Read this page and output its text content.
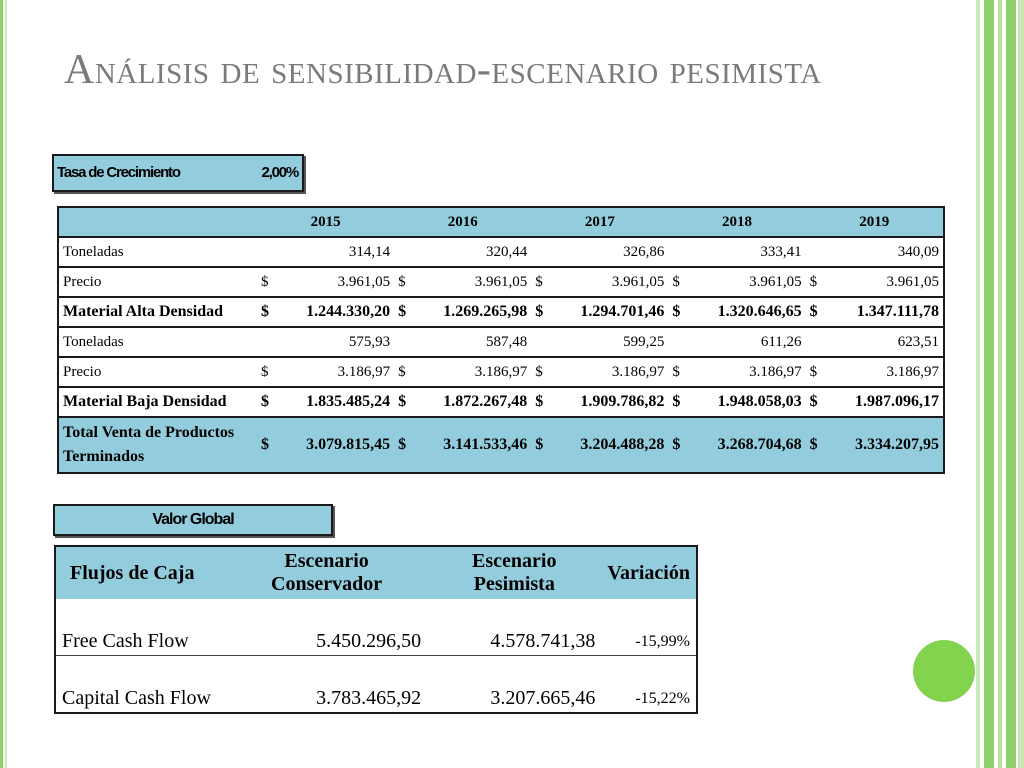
Análisis de sensibilidad-escenario pesimista
Tasa de Crecimiento	2,00%
	2015		2016		2017		2018		2019	
Toneladas		314,14		320,44		326,86		333,41		340,09
Precio	$	3.961,05	$	3.961,05	$	3.961,05	$	3.961,05	$	3.961,05
Material Alta Densidad	$	1.244.330,20	$	1.269.265,98	$	1.294.701,46	$	1.320.646,65	$	1.347.111,78
Toneladas		575,93		587,48		599,25		611,26		623,51
Precio	$	3.186,97	$	3.186,97	$	3.186,97	$	3.186,97	$	3.186,97
Material Baja Densidad	$	1.835.485,24	$	1.872.267,48	$	1.909.786,82	$	1.948.058,03	$	1.987.096,17
Total Venta de Productos Terminados	$	3.079.815,45	$	3.141.533,46	$	3.204.488,28	$	3.268.704,68	$	3.334.207,95
Valor Global
Flujos de Caja	Escenario Conservador	Escenario Pesimista	Variación
Free Cash Flow	5.450.296,50	4.578.741,38	-15,99%
Capital Cash Flow	3.783.465,92	3.207.665,46	-15,22%
